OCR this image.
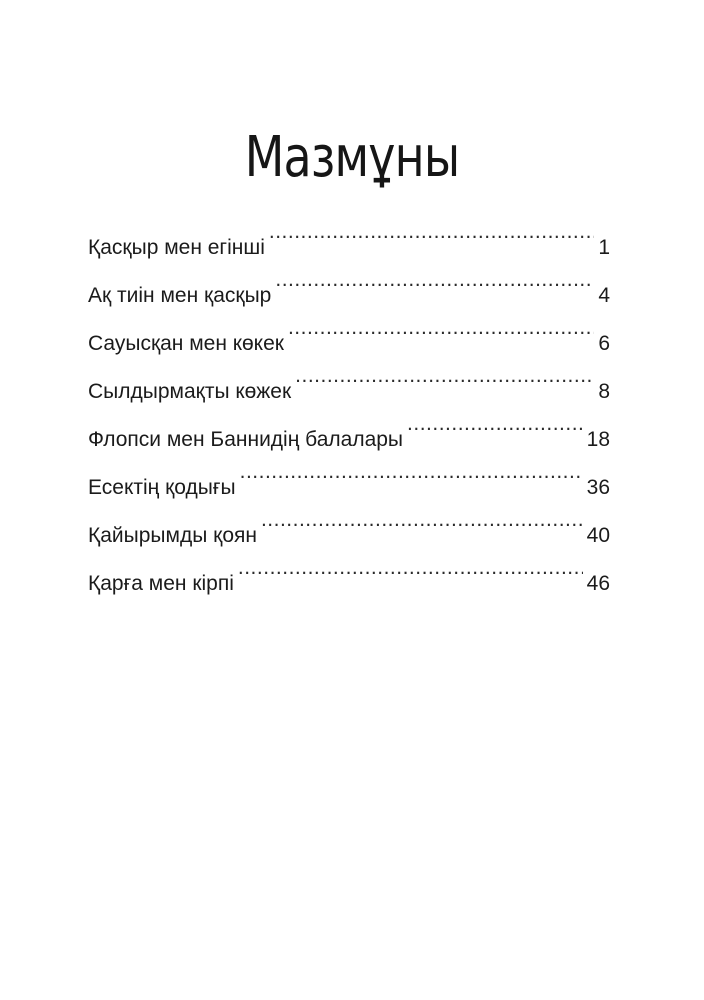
Мазмұны
Қасқыр мен егінші .....	1
Ақ тиін мен қасқыр .....	4
Сауысқан мен көкек .....	6
Сылдырмақты көжек .....	8
Флопси мен Баннидің балалары .....	18
Есектің қодығы .....	36
Қайырымды қоян .....	40
Қарға мен кірпі .....	46
